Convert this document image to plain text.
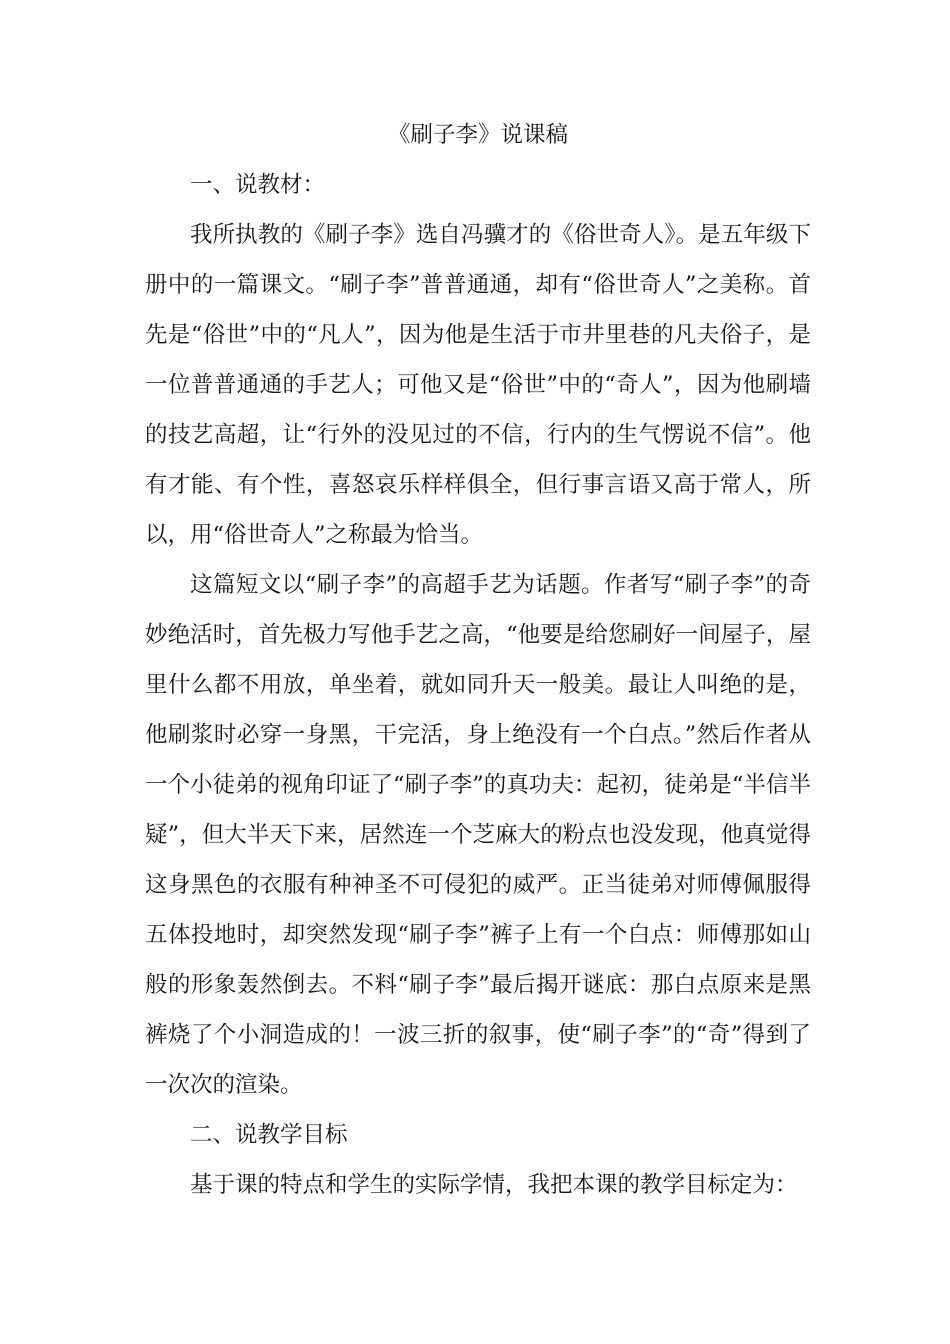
《刷子李》说课稿

一、说教材：

我所执教的《刷子李》选自冯骥才的《俗世奇人》。是五年级下册中的一篇课文。“刷子李”普普通通，却有“俗世奇人”之美称。首先是“俗世”中的“凡人”，因为他是生活于市井里巷的凡夫俗子，是一位普普通通的手艺人；可他又是“俗世”中的“奇人”，因为他刷墙的技艺高超，让“行外的没见过的不信，行内的生气愣说不信”。他有才能、有个性，喜怒哀乐样样俱全，但行事言语又高于常人，所以，用“俗世奇人”之称最为恰当。

这篇短文以“刷子李”的高超手艺为话题。作者写“刷子李”的奇妙绝活时，首先极力写他手艺之高，“他要是给您刷好一间屋子，屋里什么都不用放，单坐着，就如同升天一般美。最让人叫绝的是，他刷浆时必穿一身黑，干完活，身上绝没有一个白点。”然后作者从一个小徒弟的视角印证了“刷子李”的真功夫：起初，徒弟是“半信半疑”，但大半天下来，居然连一个芝麻大的粉点也没发现，他真觉得这身黑色的衣服有种神圣不可侵犯的威严。正当徒弟对师傅佩服得五体投地时，却突然发现“刷子李”裤子上有一个白点：师傅那如山般的形象轰然倒去。不料“刷子李”最后揭开谜底：那白点原来是黑裤烧了个小洞造成的！一波三折的叙事，使“刷子李”的“奇”得到了一次次的渲染。

二、说教学目标

基于课的特点和学生的实际学情，我把本课的教学目标定为：
